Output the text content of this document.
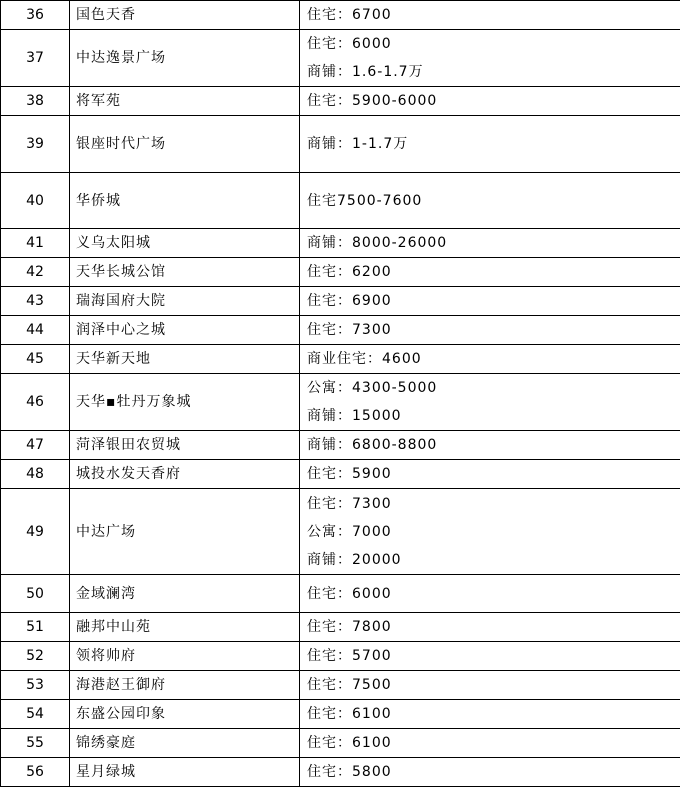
36	国色天香	住宅：6700

37	中达逸景广场	住宅：6000
商铺：1.6-1.7万

38	将军苑	住宅：5900-6000

39	银座时代广场	商铺：1-1.7万

40	华侨城	住宅7500-7600

41	义乌太阳城	商铺：8000-26000

42	天华长城公馆	住宅：6200

43	瑞海国府大院	住宅：6900

44	润泽中心之城	住宅：7300

45	天华新天地	商业住宅：4600

46	天华▪牡丹万象城	公寓：4300-5000
商铺：15000

47	菏泽银田农贸城	商铺：6800-8800

48	城投水发天香府	住宅：5900

49	中达广场	住宅：7300
公寓：7000
商铺：20000

50	金域澜湾	住宅：6000

51	融邦中山苑	住宅：7800

52	领将帅府	住宅：5700

53	海港赵王御府	住宅：7500

54	东盛公园印象	住宅：6100

55	锦绣豪庭	住宅：6100

56	星月绿城	住宅：5800
